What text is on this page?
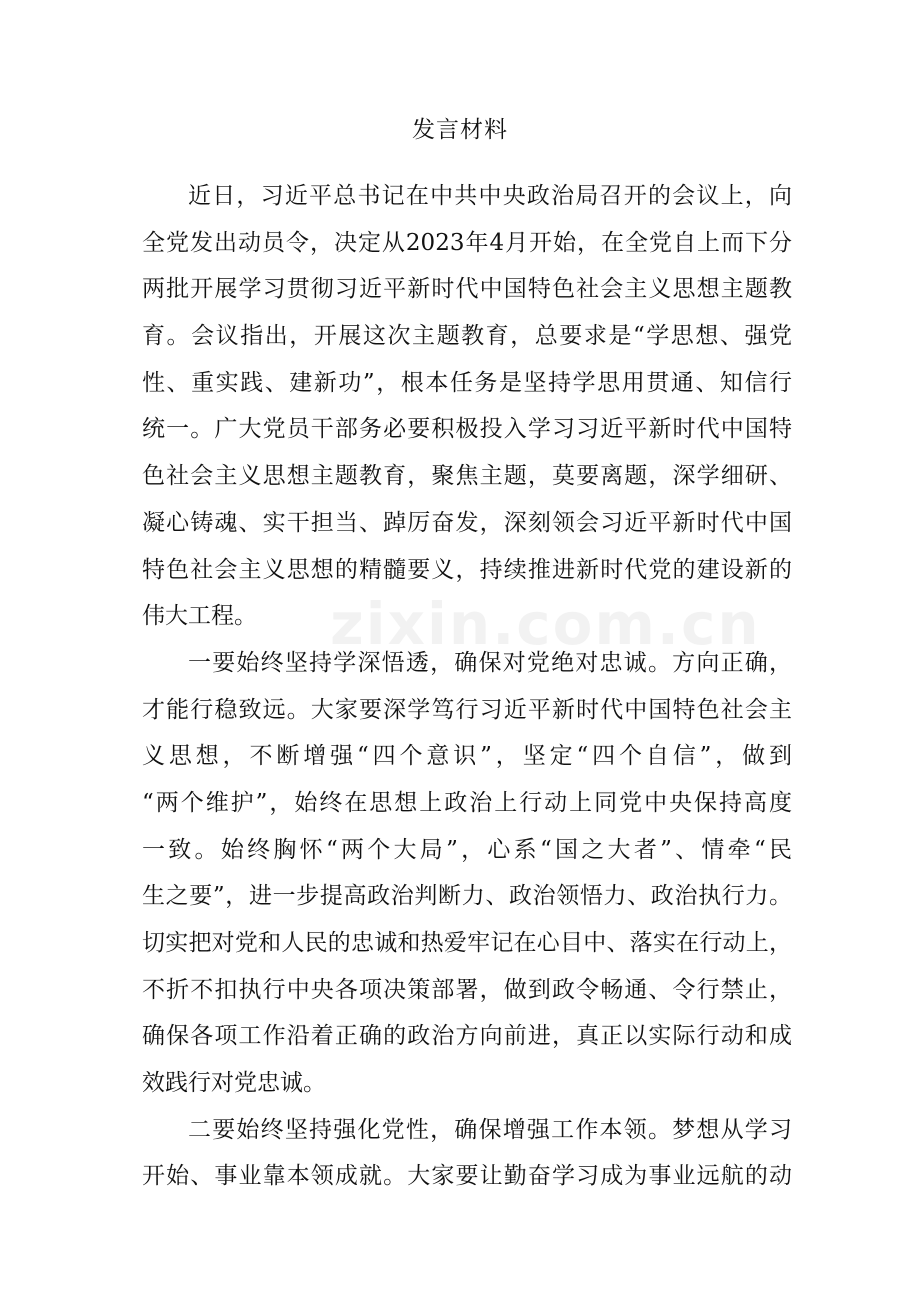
zixin.com.cn
发言材料

近日，习近平总书记在中共中央政治局召开的会议上，向
全党发出动员令，决定从2023年4月开始，在全党自上而下分
两批开展学习贯彻习近平新时代中国特色社会主义思想主题教
育。会议指出，开展这次主题教育，总要求是“学思想、强党
性、重实践、建新功”，根本任务是坚持学思用贯通、知信行
统一。广大党员干部务必要积极投入学习习近平新时代中国特
色社会主义思想主题教育，聚焦主题，莫要离题，深学细研、
凝心铸魂、实干担当、踔厉奋发，深刻领会习近平新时代中国
特色社会主义思想的精髓要义，持续推进新时代党的建设新的
伟大工程。

一要始终坚持学深悟透，确保对党绝对忠诚。方向正确，
才能行稳致远。大家要深学笃行习近平新时代中国特色社会主
义思想，不断增强“四个意识”，坚定“四个自信”，做到
“两个维护”，始终在思想上政治上行动上同党中央保持高度
一致。始终胸怀“两个大局”，心系“国之大者”、情牵“民
生之要”，进一步提高政治判断力、政治领悟力、政治执行力。
切实把对党和人民的忠诚和热爱牢记在心目中、落实在行动上，
不折不扣执行中央各项决策部署，做到政令畅通、令行禁止，
确保各项工作沿着正确的政治方向前进，真正以实际行动和成
效践行对党忠诚。

二要始终坚持强化党性，确保增强工作本领。梦想从学习
开始、事业靠本领成就。大家要让勤奋学习成为事业远航的动
